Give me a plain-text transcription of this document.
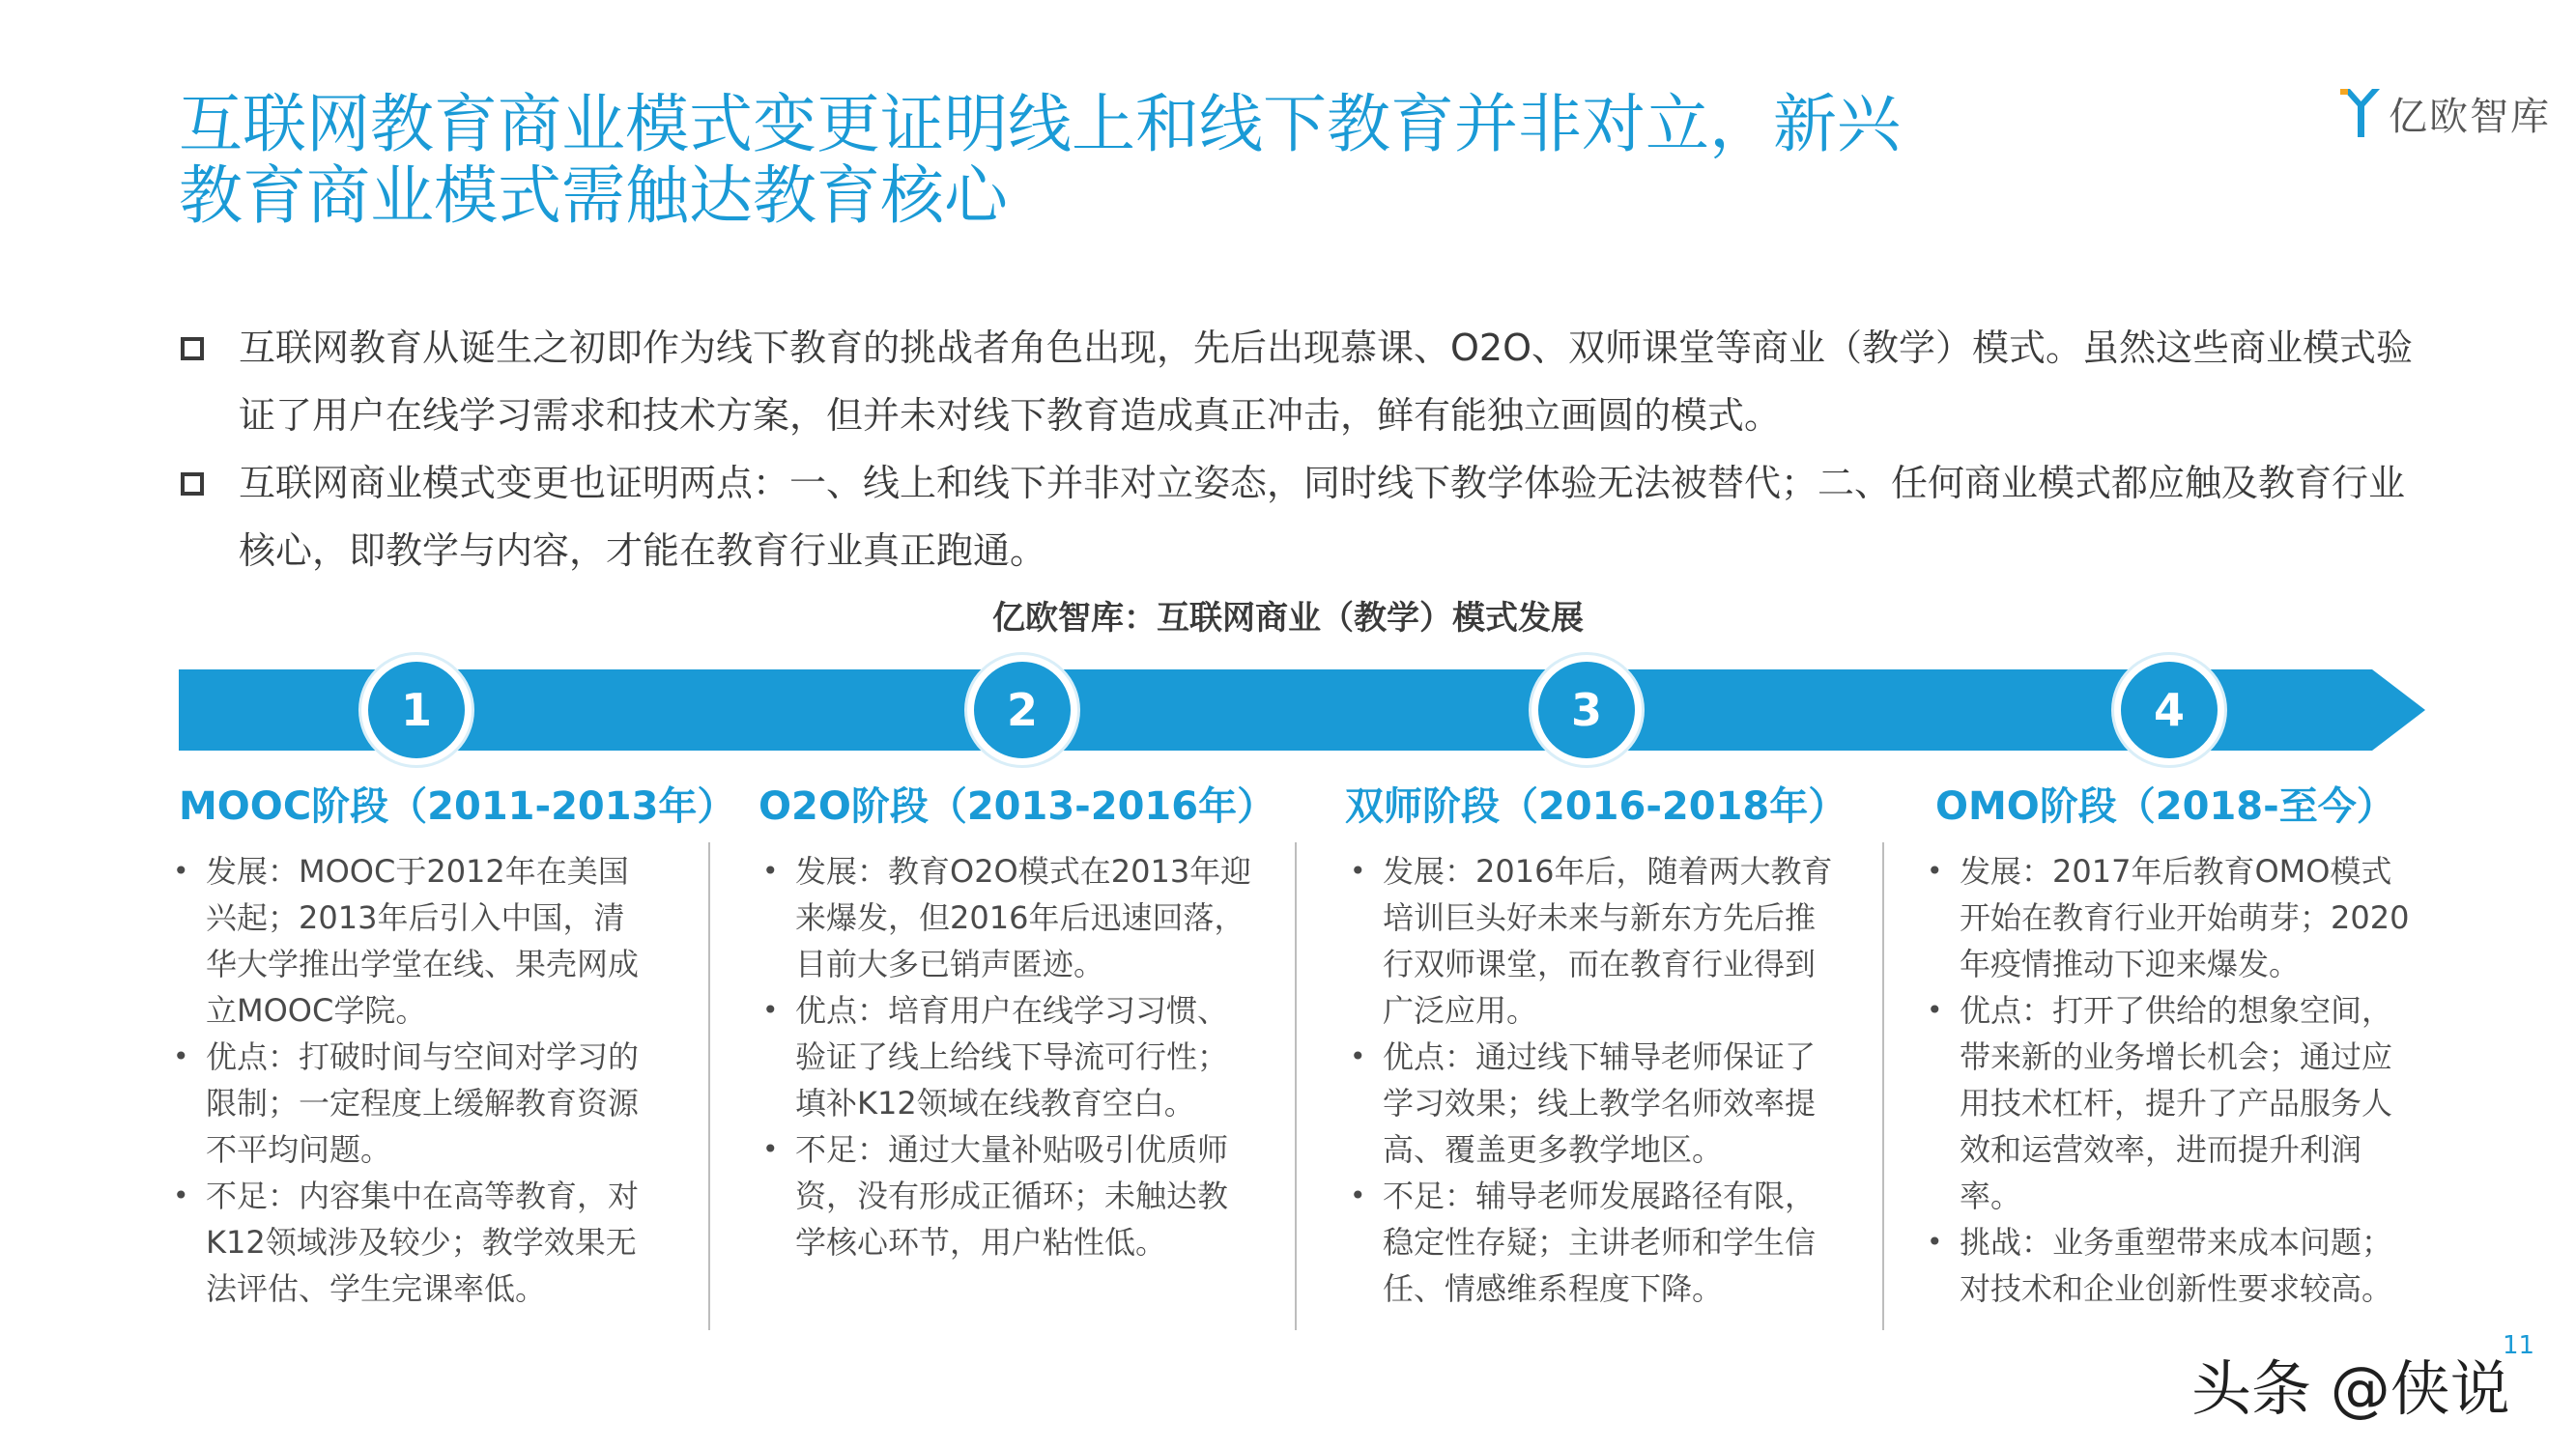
互联网教育商业模式变更证明线上和线下教育并非对立，新兴
教育商业模式需触达教育核心
亿欧智库
互联网教育从诞生之初即作为线下教育的挑战者角色出现，先后出现慕课、O2O、双师课堂等商业（教学）模式。虽然这些商业模式验证了用户在线学习需求和技术方案，但并未对线下教育造成真正冲击，鲜有能独立画圆的模式。
互联网商业模式变更也证明两点：一、线上和线下并非对立姿态，同时线下教学体验无法被替代；二、任何商业模式都应触及教育行业核心，即教学与内容，才能在教育行业真正跑通。
亿欧智库：互联网商业（教学）模式发展
1	2	3	4
MOOC阶段（2011-2013年） O2O阶段（2013-2016年） 双师阶段（2016-2018年） OMO阶段（2018-至今）
• 发展：MOOC于2012年在美国兴起；2013年后引入中国，清华大学推出学堂在线、果壳网成立MOOC学院。
• 优点：打破时间与空间对学习的限制；一定程度上缓解教育资源不平均问题。
• 不足：内容集中在高等教育，对K12领域涉及较少；教学效果无法评估、学生完课率低。
• 发展：教育O2O模式在2013年迎来爆发，但2016年后迅速回落，目前大多已销声匿迹。
• 优点：培育用户在线学习习惯、验证了线上给线下导流可行性；填补K12领域在线教育空白。
• 不足：通过大量补贴吸引优质师资，没有形成正循环；未触达教学核心环节，用户粘性低。
• 发展：2016年后，随着两大教育培训巨头好未来与新东方先后推行双师课堂，而在教育行业得到广泛应用。
• 优点：通过线下辅导老师保证了学习效果；线上教学名师效率提高、覆盖更多教学地区。
• 不足：辅导老师发展路径有限，稳定性存疑；主讲老师和学生信任、情感维系程度下降。
• 发展：2017年后教育OMO模式开始在教育行业开始萌芽；2020年疫情推动下迎来爆发。
• 优点：打开了供给的想象空间，带来新的业务增长机会；通过应用技术杠杆，提升了产品服务人效和运营效率，进而提升利润率。
• 挑战：业务重塑带来成本问题；对技术和企业创新性要求较高。
11
头条 @侠说
